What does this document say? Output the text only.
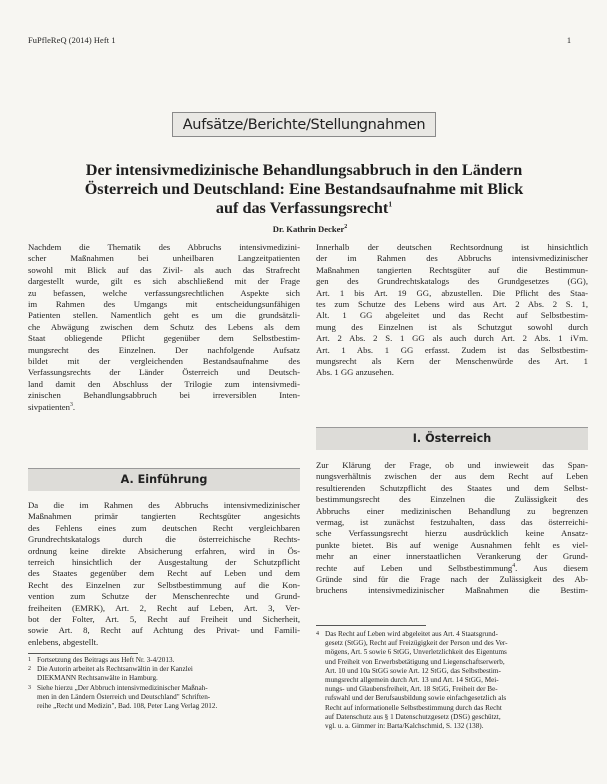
FuPfleReQ (2014) Heft 1	1
Aufsätze/Berichte/Stellungnahmen
Der intensivmedizinische Behandlungsabbruch in den Ländern
Österreich und Deutschland: Eine Bestandsaufnahme mit Blick
auf das Verfassungsrecht$^1$
Dr. Kathrin Decker$^2$
Nachdem die Thematik des Abbruchs intensivmedizini-
scher Maßnahmen bei unheilbaren Langzeitpatienten
sowohl mit Blick auf das Zivil- als auch das Strafrecht
dargestellt wurde, gilt es sich abschließend mit der Frage
zu befassen, welche verfassungsrechtlichen Aspekte sich
im Rahmen des Umgangs mit entscheidungsunfähigen
Patienten stellen. Namentlich geht es um die grundsätzli-
che Abwägung zwischen dem Schutz des Lebens als dem
Staat obliegende Pflicht gegenüber dem Selbstbestim-
mungsrecht des Einzelnen. Der nachfolgende Aufsatz
bildet mit der vergleichenden Bestandsaufnahme des
Verfassungsrechts der Länder Österreich und Deutsch-
land damit den Abschluss der Trilogie zum intensivmedi-
zinischen Behandlungsabbruch bei irreversiblen Inten-
sivpatienten$^3$.
A. Einführung
Da die im Rahmen des Abbruchs intensivmedizinischer
Maßnahmen primär tangierten Rechtsgüter angesichts
des Fehlens eines zum deutschen Recht vergleichbaren
Grundrechtskatalogs durch die österreichische Rechts-
ordnung keine direkte Absicherung erfahren, wird in Ös-
terreich hinsichtlich der Ausgestaltung der Schutzpflicht
des Staates gegenüber dem Recht auf Leben und dem
Recht des Einzelnen zur Selbstbestimmung auf die Kon-
vention zum Schutze der Menschenrechte und Grund-
freiheiten (EMRK), Art. 2, Recht auf Leben, Art. 3, Ver-
bot der Folter, Art. 5, Recht auf Freiheit und Sicherheit,
sowie Art. 8, Recht auf Achtung des Privat- und Famili-
enlebens, abgestellt.
1 Fortsetzung des Beitrags aus Heft Nr. 3-4/2013.
2 Die Autorin arbeitet als Rechtsanwältin in der Kanzlei
DIEKMANN Rechtsanwälte in Hamburg.
3 Siehe hierzu „Der Abbruch intensivmedizinischer Maßnah-
men in den Ländern Österreich und Deutschland" Schriften-
reihe „Recht und Medizin", Bad. 108, Peter Lang Verlag 2012.
Innerhalb der deutschen Rechtsordnung ist hinsichtlich
der im Rahmen des Abbruchs intensivmedizinischer
Maßnahmen tangierten Rechtsgüter auf die Bestimmun-
gen des Grundrechtskatalogs des Grundgesetzes (GG),
Art. 1 bis Art. 19 GG, abzustellen. Die Pflicht des Staa-
tes zum Schutze des Lebens wird aus Art. 2 Abs. 2 S. 1,
Alt. 1 GG abgeleitet und das Recht auf Selbstbestim-
mung des Einzelnen ist als Schutzgut sowohl durch
Art. 2 Abs. 2 S. 1 GG als auch durch Art. 2 Abs. 1 iVm.
Art. 1 Abs. 1 GG erfasst. Zudem ist das Selbstbestim-
mungsrecht als Kern der Menschenwürde des Art. 1
Abs. 1 GG anzusehen.
I. Österreich
Zur Klärung der Frage, ob und inwieweit das Span-
nungsverhältnis zwischen der aus dem Recht auf Leben
resultierenden Schutzpflicht des Staates und dem Selbst-
bestimmungsrecht des Einzelnen die Zulässigkeit des
Abbruchs einer medizinischen Behandlung zu begrenzen
vermag, ist zunächst festzuhalten, dass das österreichi-
sche Verfassungsrecht hierzu ausdrücklich keine Ansatz-
punkte bietet. Bis auf wenige Ausnahmen fehlt es viel-
mehr an einer innerstaatlichen Verankerung der Grund-
rechte auf Leben und Selbstbestimmung$^4$. Aus diesem
Gründe sind für die Frage nach der Zulässigkeit des Ab-
bruchens intensivmedizinischer Maßnahmen die Bestim-
4 Das Recht auf Leben wird abgeleitet aus Art. 4 Staatsgrund-
gesetz (StGG), Recht auf Freizügigkeit der Person und des Ver-
mögens, Art. 5 sowie 6 StGG, Unverletzlichkeit des Eigentums
und Freiheit von Erwerbsbetätigung und Liegenschaftserwerb,
Art. 10 und 10a StGG sowie Art. 12 StGG, das Selbstbestim-
mungsrecht allgemein durch Art. 13 und Art. 14 StGG, Mei-
nungs- und Glaubensfreiheit, Art. 18 StGG, Freiheit der Be-
rufswahl und der Berufsausbildung sowie einfachgesetzlich als
Recht auf informationelle Selbstbestimmung durch das Recht
auf Datenschutz aus § 1 Datenschutzgesetz (DSG) geschützt,
vgl. u. a. Gimmer in: Barta/Kalchschmid, S. 132 (138).
